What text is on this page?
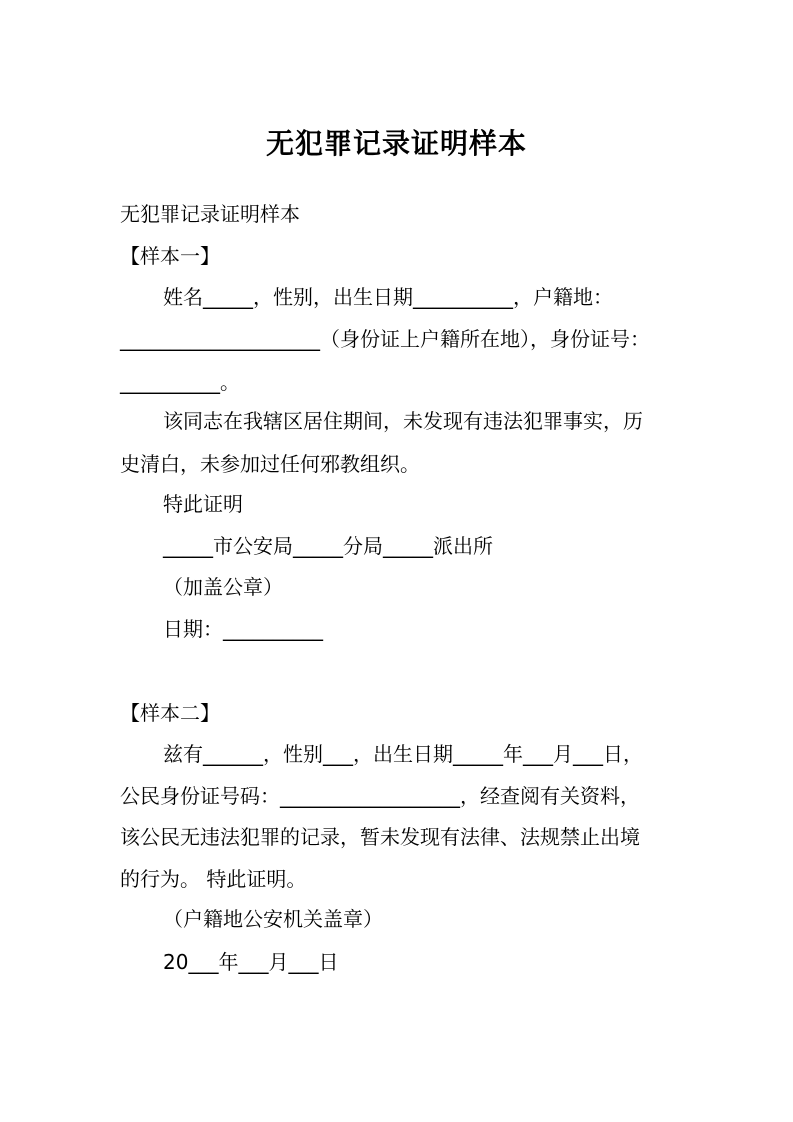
无犯罪记录证明样本
无犯罪记录证明样本
【样本一】
姓名_____，性别，出生日期__________，户籍地：
____________________（身份证上户籍所在地），身份证号：
__________。
该同志在我辖区居住期间，未发现有违法犯罪事实，历
史清白，未参加过任何邪教组织。
特此证明
_____市公安局_____分局_____派出所
（加盖公章）
日期：__________
【样本二】
兹有______，性别___，出生日期_____年___月___日，
公民身份证号码：__________________，经查阅有关资料，
该公民无违法犯罪的记录，暂未发现有法律、法规禁止出境
的行为。 特此证明。
（户籍地公安机关盖章）
20___年___月___日
